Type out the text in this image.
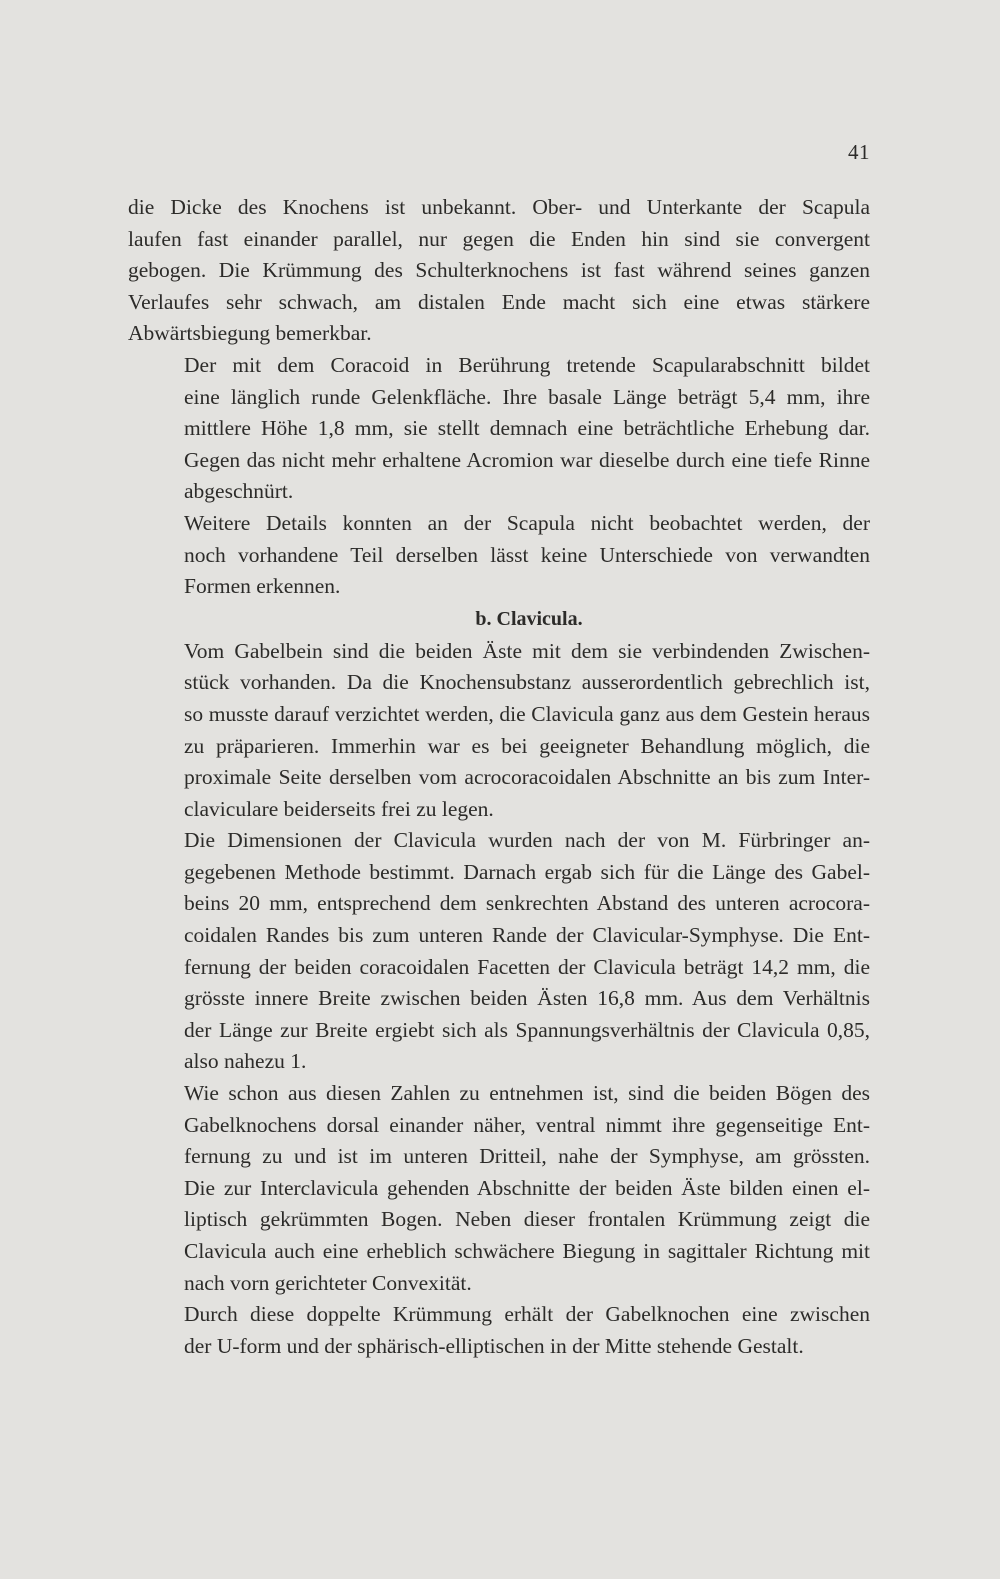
41

die Dicke des Knochens ist unbekannt. Ober- und Unterkante der Scapula
laufen fast einander parallel, nur gegen die Enden hin sind sie convergent
gebogen. Die Krümmung des Schulterknochens ist fast während seines ganzen
Verlaufes sehr schwach, am distalen Ende macht sich eine etwas stärkere
Abwärtsbiegung bemerkbar.

Der mit dem Coracoid in Berührung tretende Scapularabschnitt bildet
eine länglich runde Gelenkfläche. Ihre basale Länge beträgt 5,4 mm, ihre
mittlere Höhe 1,8 mm, sie stellt demnach eine beträchtliche Erhebung dar.
Gegen das nicht mehr erhaltene Acromion war dieselbe durch eine tiefe Rinne
abgeschnürt.

Weitere Details konnten an der Scapula nicht beobachtet werden, der
noch vorhandene Teil derselben lässt keine Unterschiede von verwandten
Formen erkennen.

b. Clavicula.

Vom Gabelbein sind die beiden Äste mit dem sie verbindenden Zwischen-
stück vorhanden. Da die Knochensubstanz ausserordentlich gebrechlich ist,
so musste darauf verzichtet werden, die Clavicula ganz aus dem Gestein heraus
zu präparieren. Immerhin war es bei geeigneter Behandlung möglich, die
proximale Seite derselben vom acrocoracoidalen Abschnitte an bis zum Inter-
claviculare beiderseits frei zu legen.

Die Dimensionen der Clavicula wurden nach der von M. Fürbringer an-
gegebenen Methode bestimmt. Darnach ergab sich für die Länge des Gabel-
beins 20 mm, entsprechend dem senkrechten Abstand des unteren acrocora-
coidalen Randes bis zum unteren Rande der Clavicular-Symphyse. Die Ent-
fernung der beiden coracoidalen Facetten der Clavicula beträgt 14,2 mm, die
grösste innere Breite zwischen beiden Ästen 16,8 mm. Aus dem Verhältnis
der Länge zur Breite ergiebt sich als Spannungsverhältnis der Clavicula 0,85,
also nahezu 1.

Wie schon aus diesen Zahlen zu entnehmen ist, sind die beiden Bögen des
Gabelknochens dorsal einander näher, ventral nimmt ihre gegenseitige Ent-
fernung zu und ist im unteren Dritteil, nahe der Symphyse, am grössten.
Die zur Interclavicula gehenden Abschnitte der beiden Äste bilden einen el-
liptisch gekrümmten Bogen. Neben dieser frontalen Krümmung zeigt die
Clavicula auch eine erheblich schwächere Biegung in sagittaler Richtung mit
nach vorn gerichteter Convexität.

Durch diese doppelte Krümmung erhält der Gabelknochen eine zwischen
der U-form und der sphärisch-elliptischen in der Mitte stehende Gestalt.
